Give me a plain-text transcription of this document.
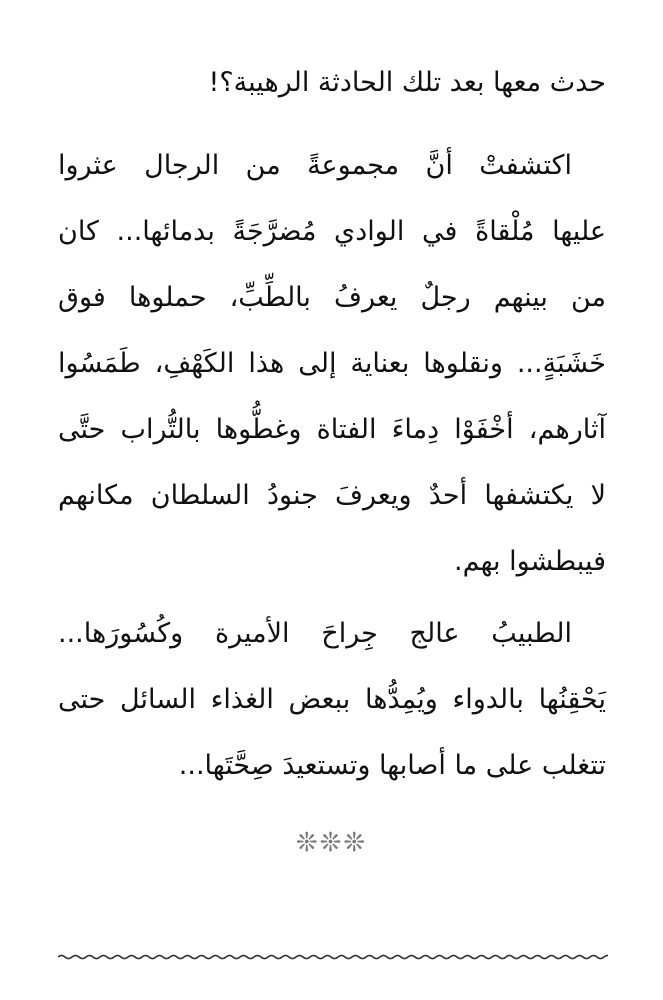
حدث معها بعد تلك الحادثة الرهيبة؟!
اكتشفتْ أنَّ مجموعةً من الرجال عثروا
عليها مُلْقاةً في الوادي مُضرَّجَةً بدمائها... كان
من بينهم رجلٌ يعرفُ بالطِّبِّ، حملوها فوق
خَشَبَةٍ... ونقلوها بعناية إلى هذا الكَهْفِ، طَمَسُوا
آثارهم، أخْفَوْا دِماءَ الفتاة وغطُّوها بالتُّراب حتَّى
لا يكتشفها أحدٌ ويعرفَ جنودُ السلطان مكانهم
فيبطشوا بهم.
الطبيبُ عالج جِراحَ الأميرة وكُسُورَها...
يَحْقِنُها بالدواء ويُمِدُّها ببعض الغذاء السائل حتى
تتغلب على ما أصابها وتستعيدَ صِحَّتَها...
❊❊❊
